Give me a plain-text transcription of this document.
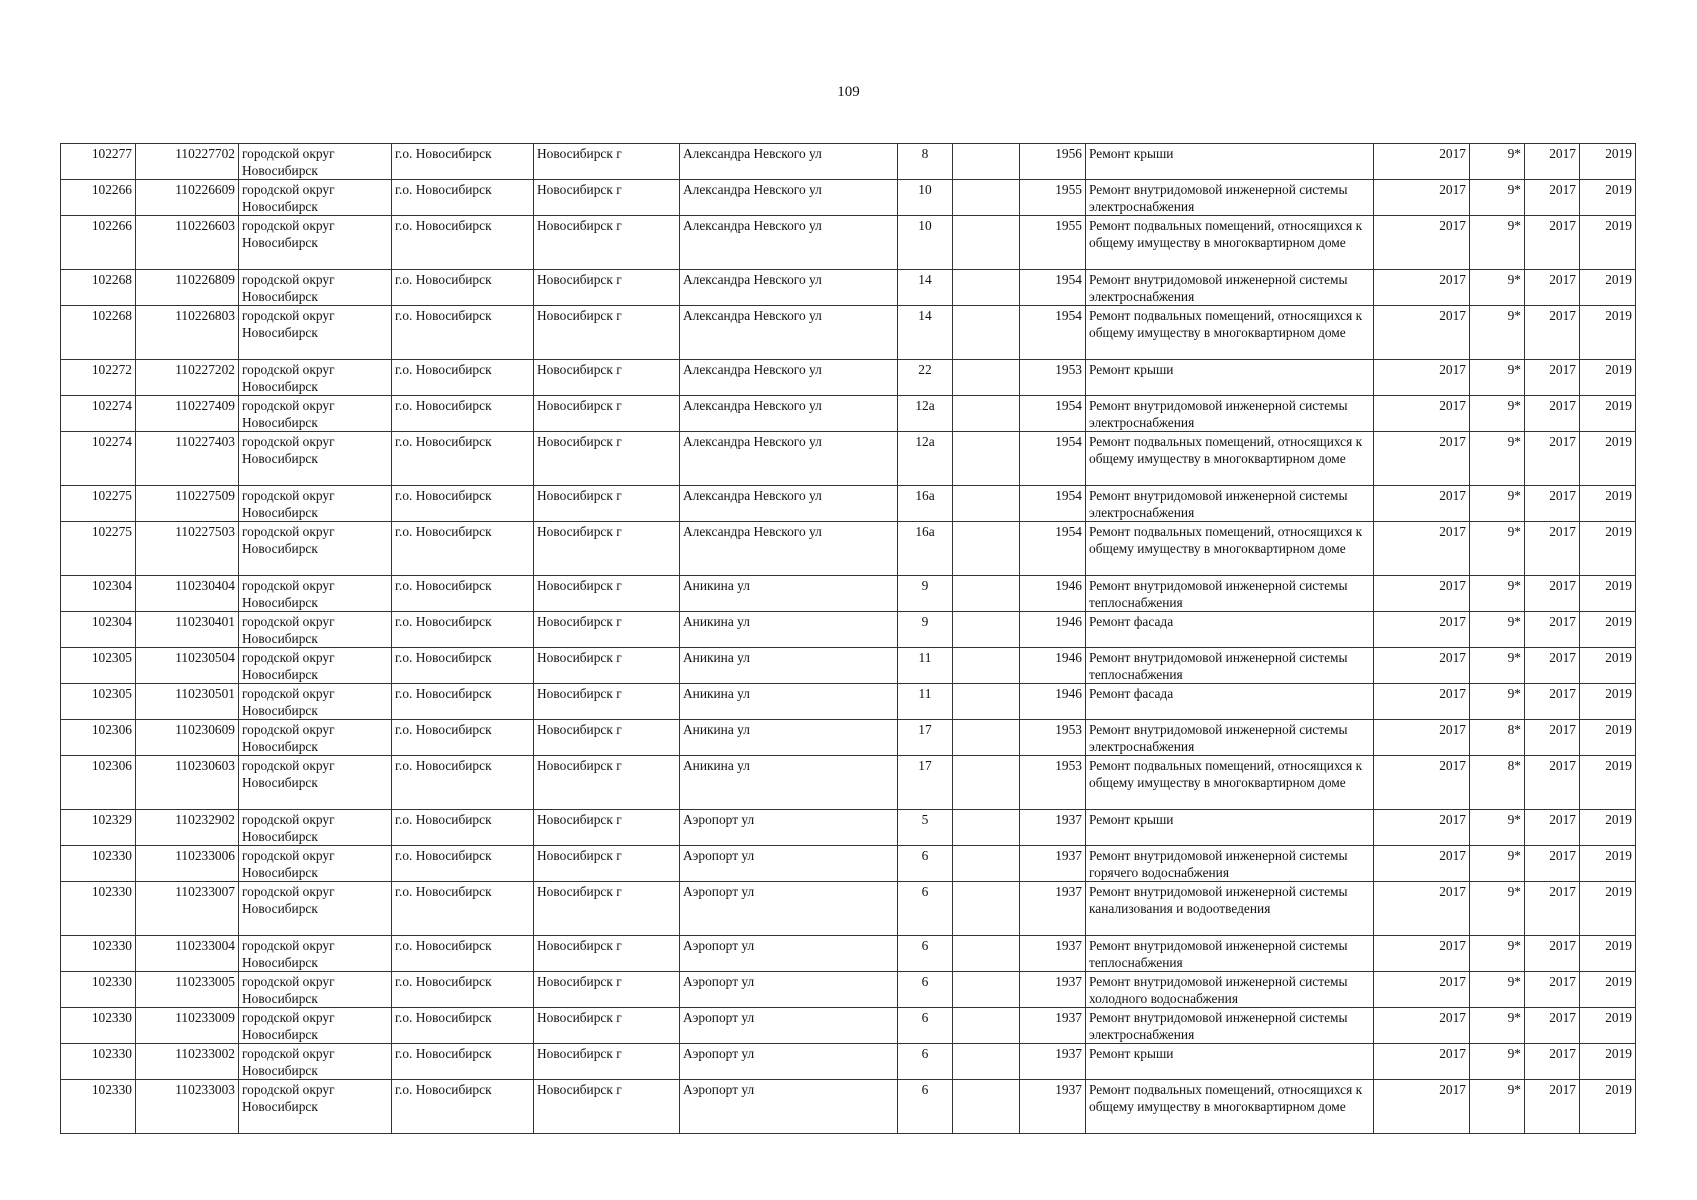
109
102277	110227702	городской округ Новосибирск	г.о. Новосибирск	Новосибирск г	Александра Невского ул	8		1956	Ремонт крыши	2017	9*	2017	2019
102266	110226609	городской округ Новосибирск	г.о. Новосибирск	Новосибирск г	Александра Невского ул	10		1955	Ремонт внутридомовой инженерной системы электроснабжения	2017	9*	2017	2019
102266	110226603	городской округ Новосибирск	г.о. Новосибирск	Новосибирск г	Александра Невского ул	10		1955	Ремонт подвальных помещений, относящихся к общему имуществу в многоквартирном доме	2017	9*	2017	2019
102268	110226809	городской округ Новосибирск	г.о. Новосибирск	Новосибирск г	Александра Невского ул	14		1954	Ремонт внутридомовой инженерной системы электроснабжения	2017	9*	2017	2019
102268	110226803	городской округ Новосибирск	г.о. Новосибирск	Новосибирск г	Александра Невского ул	14		1954	Ремонт подвальных помещений, относящихся к общему имуществу в многоквартирном доме	2017	9*	2017	2019
102272	110227202	городской округ Новосибирск	г.о. Новосибирск	Новосибирск г	Александра Невского ул	22		1953	Ремонт крыши	2017	9*	2017	2019
102274	110227409	городской округ Новосибирск	г.о. Новосибирск	Новосибирск г	Александра Невского ул	12а		1954	Ремонт внутридомовой инженерной системы электроснабжения	2017	9*	2017	2019
102274	110227403	городской округ Новосибирск	г.о. Новосибирск	Новосибирск г	Александра Невского ул	12а		1954	Ремонт подвальных помещений, относящихся к общему имуществу в многоквартирном доме	2017	9*	2017	2019
102275	110227509	городской округ Новосибирск	г.о. Новосибирск	Новосибирск г	Александра Невского ул	16а		1954	Ремонт внутридомовой инженерной системы электроснабжения	2017	9*	2017	2019
102275	110227503	городской округ Новосибирск	г.о. Новосибирск	Новосибирск г	Александра Невского ул	16а		1954	Ремонт подвальных помещений, относящихся к общему имуществу в многоквартирном доме	2017	9*	2017	2019
102304	110230404	городской округ Новосибирск	г.о. Новосибирск	Новосибирск г	Аникина ул	9		1946	Ремонт внутридомовой инженерной системы теплоснабжения	2017	9*	2017	2019
102304	110230401	городской округ Новосибирск	г.о. Новосибирск	Новосибирск г	Аникина ул	9		1946	Ремонт фасада	2017	9*	2017	2019
102305	110230504	городской округ Новосибирск	г.о. Новосибирск	Новосибирск г	Аникина ул	11		1946	Ремонт внутридомовой инженерной системы теплоснабжения	2017	9*	2017	2019
102305	110230501	городской округ Новосибирск	г.о. Новосибирск	Новосибирск г	Аникина ул	11		1946	Ремонт фасада	2017	9*	2017	2019
102306	110230609	городской округ Новосибирск	г.о. Новосибирск	Новосибирск г	Аникина ул	17		1953	Ремонт внутридомовой инженерной системы электроснабжения	2017	8*	2017	2019
102306	110230603	городской округ Новосибирск	г.о. Новосибирск	Новосибирск г	Аникина ул	17		1953	Ремонт подвальных помещений, относящихся к общему имуществу в многоквартирном доме	2017	8*	2017	2019
102329	110232902	городской округ Новосибирск	г.о. Новосибирск	Новосибирск г	Аэропорт ул	5		1937	Ремонт крыши	2017	9*	2017	2019
102330	110233006	городской округ Новосибирск	г.о. Новосибирск	Новосибирск г	Аэропорт ул	6		1937	Ремонт внутридомовой инженерной системы горячего водоснабжения	2017	9*	2017	2019
102330	110233007	городской округ Новосибирск	г.о. Новосибирск	Новосибирск г	Аэропорт ул	6		1937	Ремонт внутридомовой инженерной системы канализования и водоотведения	2017	9*	2017	2019
102330	110233004	городской округ Новосибирск	г.о. Новосибирск	Новосибирск г	Аэропорт ул	6		1937	Ремонт внутридомовой инженерной системы теплоснабжения	2017	9*	2017	2019
102330	110233005	городской округ Новосибирск	г.о. Новосибирск	Новосибирск г	Аэропорт ул	6		1937	Ремонт внутридомовой инженерной системы холодного водоснабжения	2017	9*	2017	2019
102330	110233009	городской округ Новосибирск	г.о. Новосибирск	Новосибирск г	Аэропорт ул	6		1937	Ремонт внутридомовой инженерной системы электроснабжения	2017	9*	2017	2019
102330	110233002	городской округ Новосибирск	г.о. Новосибирск	Новосибирск г	Аэропорт ул	6		1937	Ремонт крыши	2017	9*	2017	2019
102330	110233003	городской округ Новосибирск	г.о. Новосибирск	Новосибирск г	Аэропорт ул	6		1937	Ремонт подвальных помещений, относящихся к общему имуществу в многоквартирном доме	2017	9*	2017	2019
